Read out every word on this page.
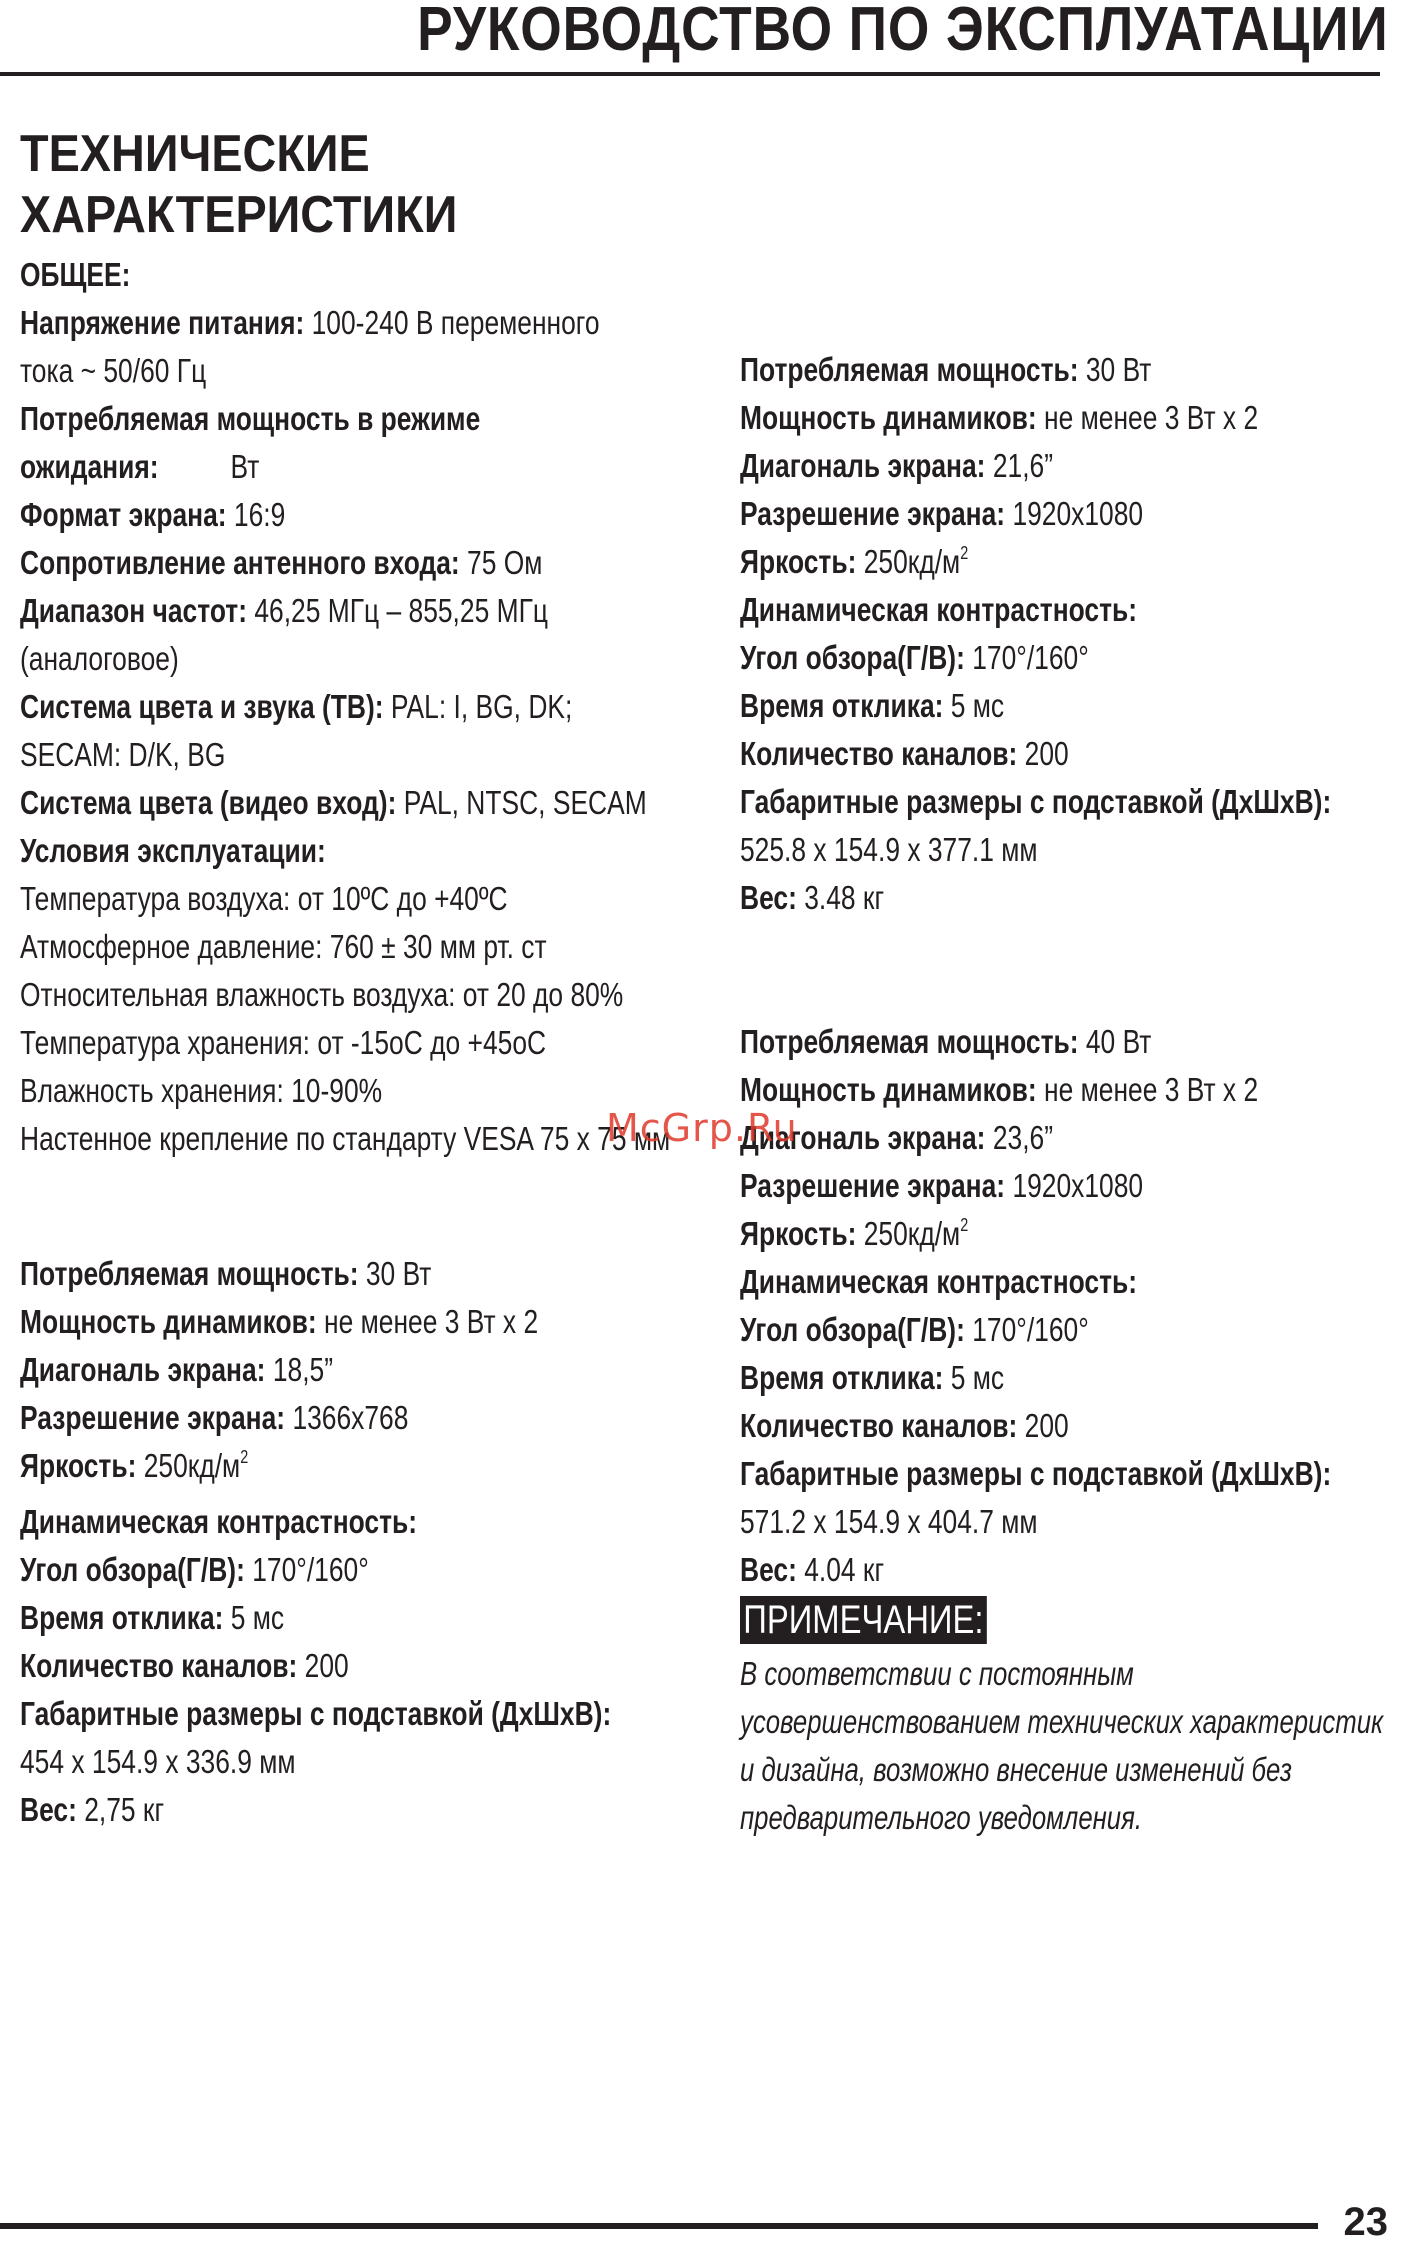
РУКОВОДСТВО ПО ЭКСПЛУАТАЦИИ
ТЕХНИЧЕСКИЕ
ХАРАКТЕРИСТИКИ
ОБЩЕЕ:
Напряжение питания: 100-240 В переменного
тока ~ 50/60 Гц
Потребляемая мощность в режиме
ожидания: Вт
Формат экрана: 16:9
Сопротивление антенного входа: 75 Ом
Диапазон частот: 46,25 МГц – 855,25 МГц
(аналоговое)
Система цвета и звука (ТВ): PAL: I, BG, DK;
SECAM: D/K, BG
Система цвета (видео вход): PAL, NTSC, SECAM
Условия эксплуатации:
Температура воздуха: от 10ºC до +40ºC
Атмосферное давление: 760 ± 30 мм рт. ст
Относительная влажность воздуха: от 20 до 80%
Температура хранения: от -15oC до +45oC
Влажность хранения: 10-90%
Настенное крепление по стандарту VESA 75 х 75 мм
Потребляемая мощность: 30 Вт
Мощность динамиков: не менее 3 Вт х 2
Диагональ экрана: 18,5”
Разрешение экрана: 1366x768
Яркость: $250кд/м^2$
Динамическая контрастность:
Угол обзора(Г/В): 170°/160°
Время отклика: 5 мс
Количество каналов: 200
Габаритные размеры с подставкой (ДхШхВ):
454 x 154.9 x 336.9 мм
Вес: 2,75 кг
Потребляемая мощность: 30 Вт
Мощность динамиков: не менее 3 Вт х 2
Диагональ экрана: 21,6”
Разрешение экрана: 1920x1080
Яркость: $250кд/м^2$
Динамическая контрастность:
Угол обзора(Г/В): 170°/160°
Время отклика: 5 мс
Количество каналов: 200
Габаритные размеры с подставкой (ДхШхВ):
525.8 x 154.9 x 377.1 мм
Вес: 3.48 кг
Потребляемая мощность: 40 Вт
Мощность динамиков: не менее 3 Вт х 2
Диагональ экрана: 23,6”
Разрешение экрана: 1920x1080
Яркость: $250кд/м^2$
Динамическая контрастность:
Угол обзора(Г/В): 170°/160°
Время отклика: 5 мс
Количество каналов: 200
Габаритные размеры с подставкой (ДхШхВ):
571.2 x 154.9 x 404.7 мм
Вес: 4.04 кг
ПРИМЕЧАНИЕ:
В соответствии с постоянным
усовершенствованием технических характеристик
и дизайна, возможно внесение изменений без
предварительного уведомления.
McGrp.Ru
23
